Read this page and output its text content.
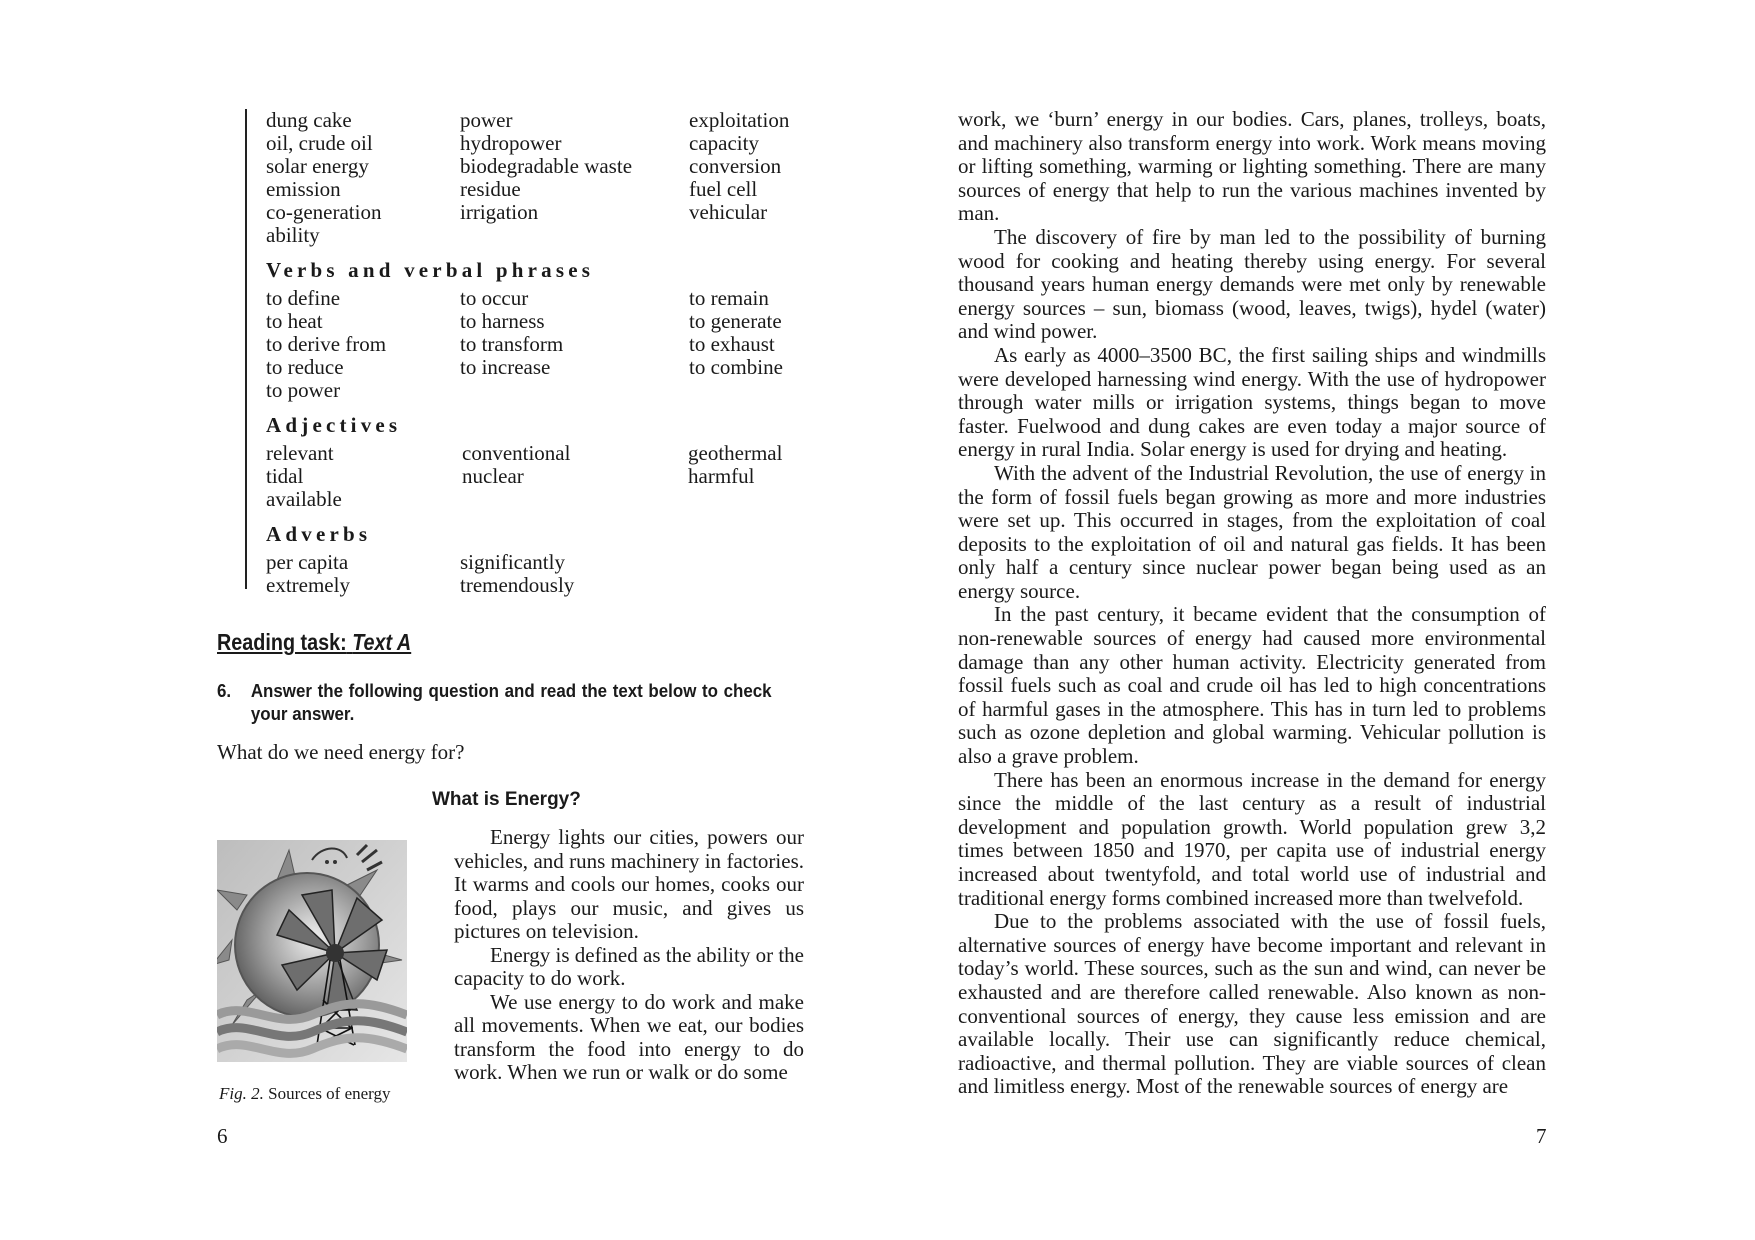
dung cake	power	exploitation
oil, crude oil	hydropower	capacity
solar energy	biodegradable waste	conversion
emission	residue	fuel cell
co-generation	irrigation	vehicular
ability
Verbs and verbal phrases
to define	to occur	to remain
to heat	to harness	to generate
to derive from	to transform	to exhaust
to reduce	to increase	to combine
to power
Adjectives
relevant	conventional	geothermal
tidal	nuclear	harmful
available
Adverbs
per capita	significantly
extremely	tremendously
Reading task: Text A
6.	Answer the following question and read the text below to check your answer.
What do we need energy for?
What is Energy?
Fig. 2. Sources of energy

Energy lights our cities, powers our vehicles, and runs machinery in factories. It warms and cools our homes, cooks our food, plays our music, and gives us pictures on television.

Energy is defined as the ability or the capacity to do work.

We use energy to do work and make all movements. When we eat, our bodies transform the food into energy to do work. When we run or walk or do some

6

work, we ‘burn’ energy in our bodies. Cars, planes, trolleys, boats, and machinery also transform energy into work. Work means moving or lifting something, warming or lighting something. There are many sources of energy that help to run the various machines invented by man.

The discovery of fire by man led to the possibility of burning wood for cooking and heating thereby using energy. For several thousand years human energy demands were met only by renewable energy sources – sun, biomass (wood, leaves, twigs), hydel (water) and wind power.

As early as 4000–3500 BC, the first sailing ships and windmills were developed harnessing wind energy. With the use of hydropower through water mills or irrigation systems, things began to move faster. Fuelwood and dung cakes are even today a major source of energy in rural India. Solar energy is used for drying and heating.

With the advent of the Industrial Revolution, the use of energy in the form of fossil fuels began growing as more and more industries were set up. This occurred in stages, from the exploitation of coal deposits to the exploitation of oil and natural gas fields. It has been only half a century since nuclear power began being used as an energy source.

In the past century, it became evident that the consumption of non-renewable sources of energy had caused more environmental damage than any other human activity. Electricity generated from fossil fuels such as coal and crude oil has led to high concentrations of harmful gases in the atmosphere. This has in turn led to problems such as ozone depletion and global warming. Vehicular pollution is also a grave problem.

There has been an enormous increase in the demand for energy since the middle of the last century as a result of industrial development and population growth. World population grew 3,2 times between 1850 and 1970, per capita use of industrial energy increased about twentyfold, and total world use of industrial and traditional energy forms combined increased more than twelvefold.

Due to the problems associated with the use of fossil fuels, alternative sources of energy have become important and relevant in today’s world. These sources, such as the sun and wind, can never be exhausted and are therefore called renewable. Also known as non-conventional sources of energy, they cause less emission and are available locally. Their use can significantly reduce chemical, radioactive, and thermal pollution. They are viable sources of clean and limitless energy. Most of the renewable sources of energy are

7
